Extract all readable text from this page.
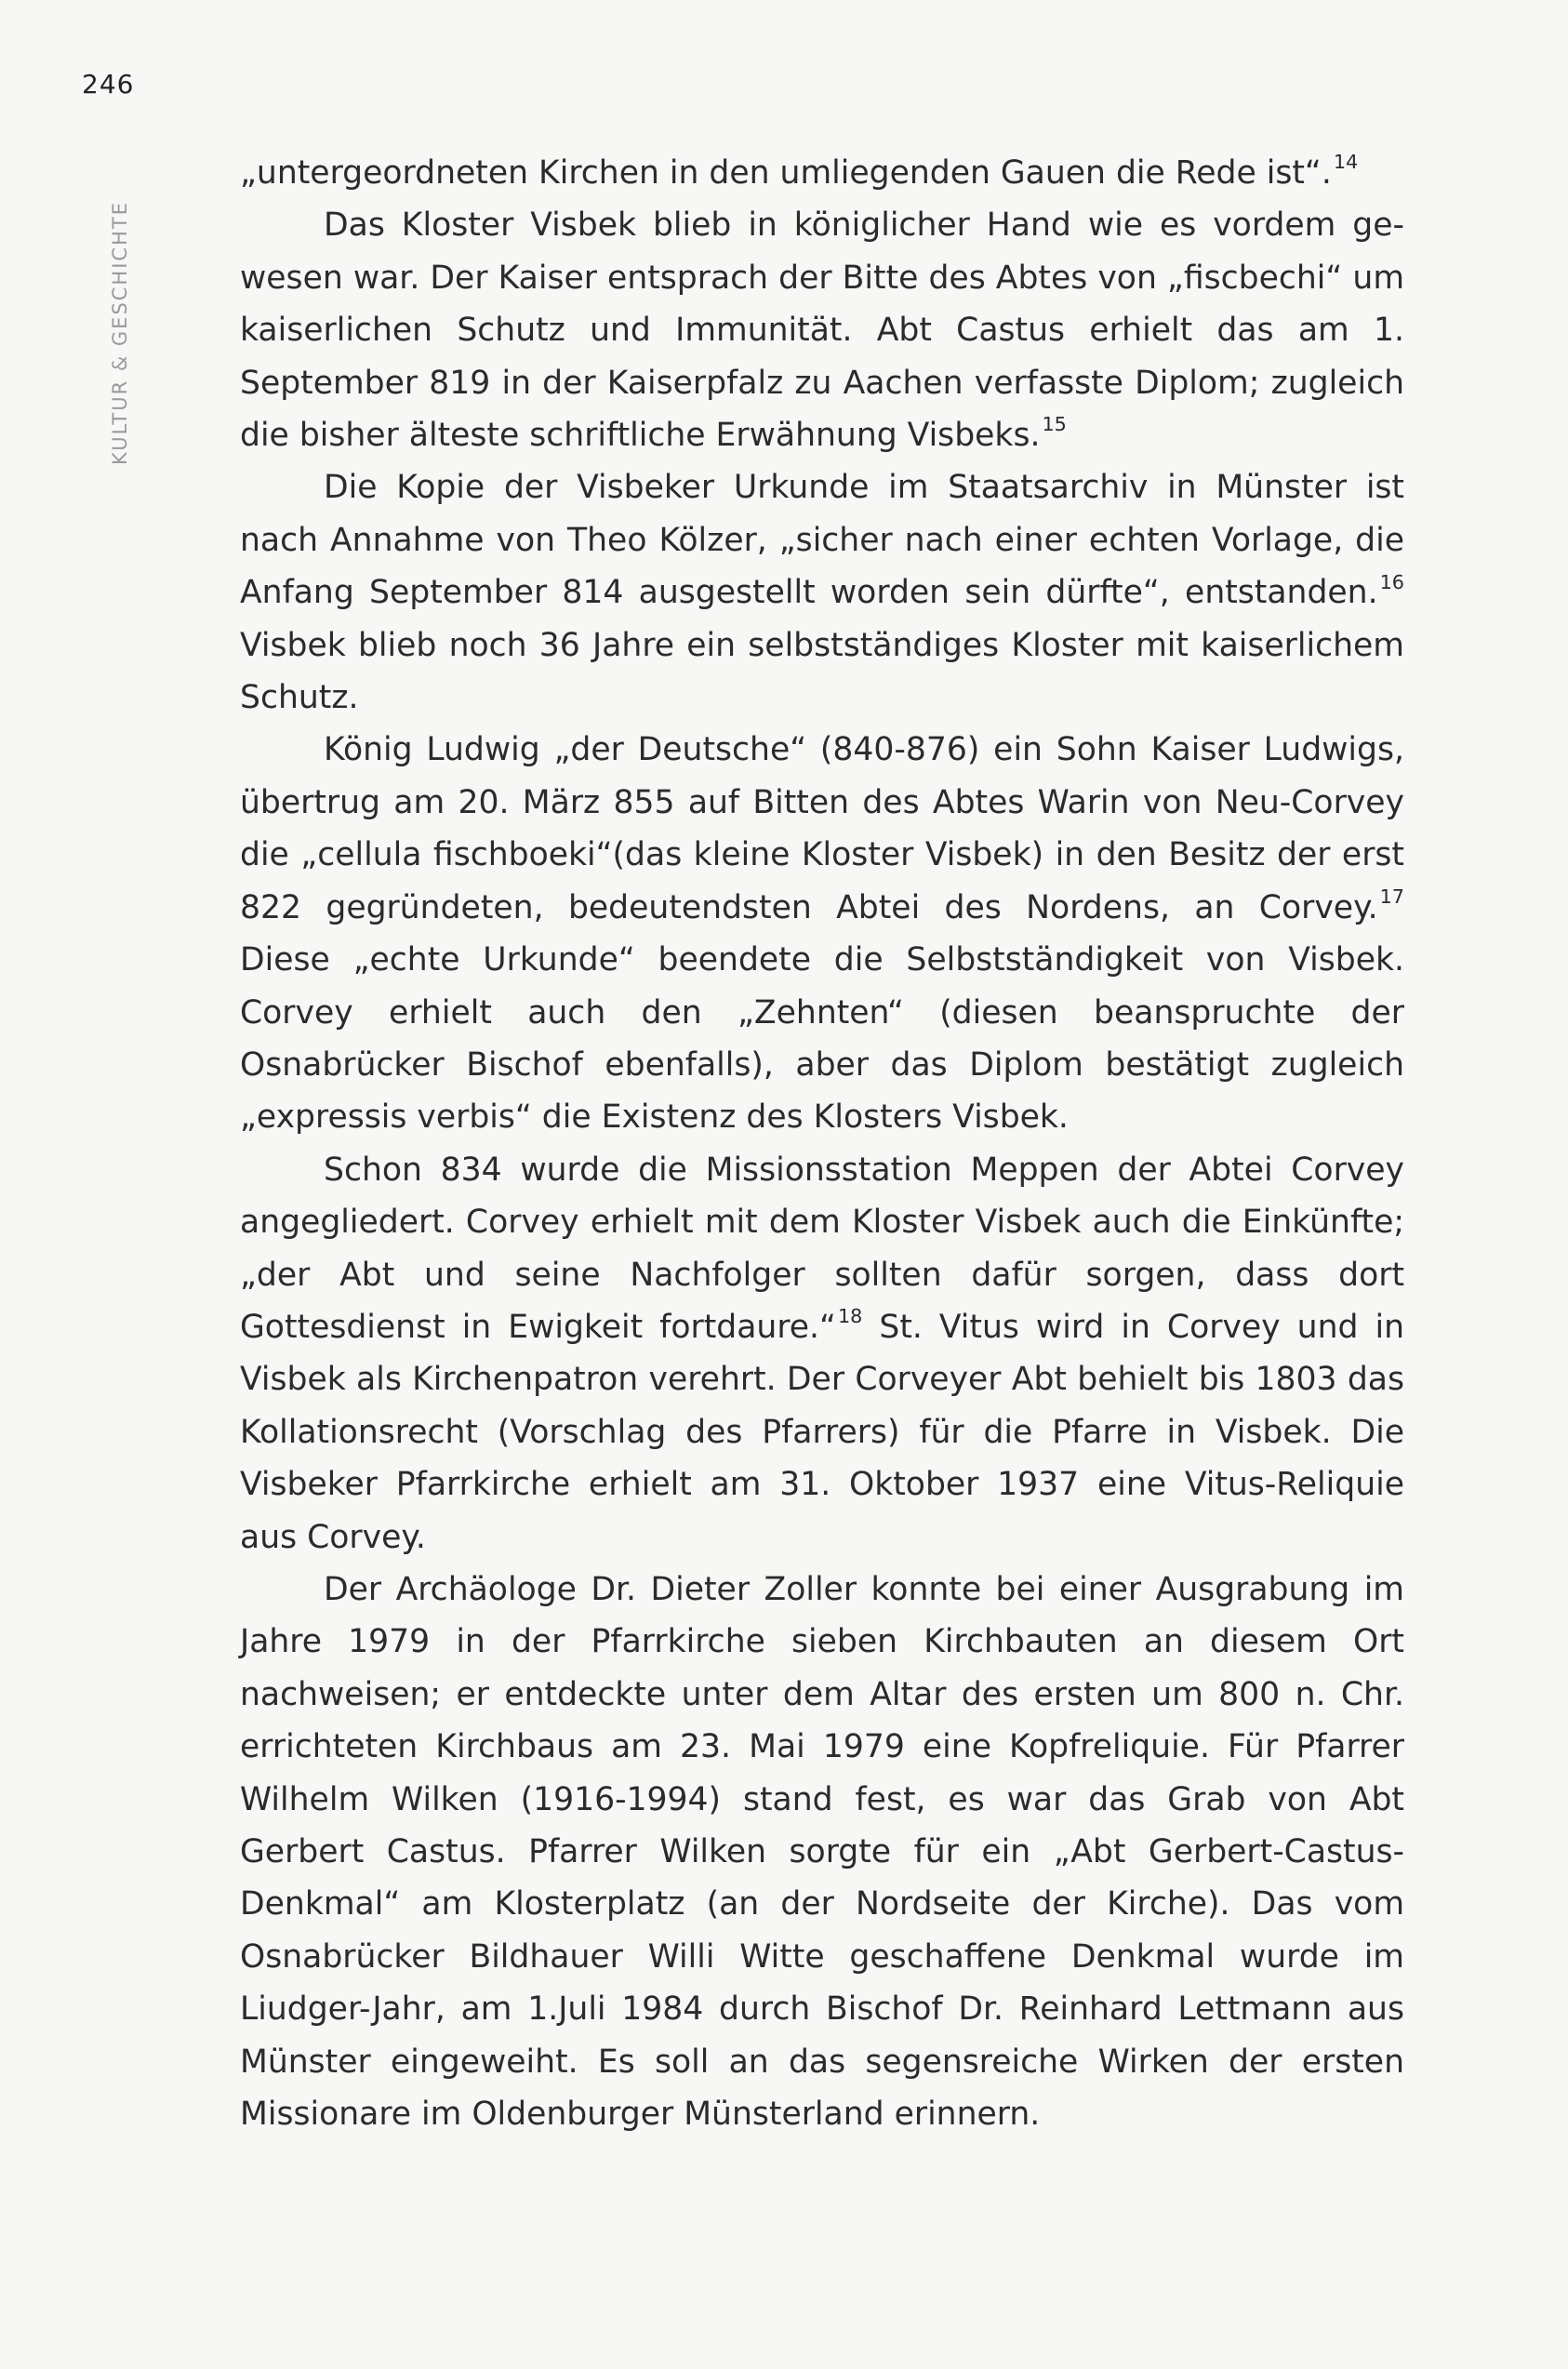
246
KULTUR & GESCHICHTE

„untergeordneten Kirchen in den umliegenden Gauen die Rede ist“.$^{14}$

Das Kloster Visbek blieb in königlicher Hand wie es vordem gewesen war. Der Kaiser entsprach der Bitte des Abtes von „fiscbechi“ um kaiserlichen Schutz und Immunität. Abt Castus erhielt das am 1. September 819 in der Kaiserpfalz zu Aachen verfasste Diplom; zugleich die bisher älteste schriftliche Erwähnung Visbeks.$^{15}$

Die Kopie der Visbeker Urkunde im Staatsarchiv in Münster ist nach Annahme von Theo Kölzer, „sicher nach einer echten Vorlage, die Anfang September 814 ausgestellt worden sein dürfte“, entstanden.$^{16}$ Visbek blieb noch 36 Jahre ein selbstständiges Kloster mit kaiserlichem Schutz.

König Ludwig „der Deutsche“ (840-876) ein Sohn Kaiser Ludwigs, übertrug am 20. März 855 auf Bitten des Abtes Warin von Neu-Corvey die „cellula fischboeki“(das kleine Kloster Visbek) in den Besitz der erst 822 gegründeten, bedeutendsten Abtei des Nordens, an Corvey.$^{17}$ Diese „echte Urkunde“ beendete die Selbstständigkeit von Visbek. Corvey erhielt auch den „Zehnten“ (diesen beanspruchte der Osnabrücker Bischof ebenfalls), aber das Diplom bestätigt zugleich „expressis verbis“ die Existenz des Klosters Visbek.

Schon 834 wurde die Missionsstation Meppen der Abtei Corvey angegliedert. Corvey erhielt mit dem Kloster Visbek auch die Einkünfte; „der Abt und seine Nachfolger sollten dafür sorgen, dass dort Gottesdienst in Ewigkeit fortdaure.“$^{18}$ St. Vitus wird in Corvey und in Visbek als Kirchenpatron verehrt. Der Corveyer Abt behielt bis 1803 das Kollationsrecht (Vorschlag des Pfarrers) für die Pfarre in Visbek. Die Visbeker Pfarrkirche erhielt am 31. Oktober 1937 eine Vitus-Reliquie aus Corvey.

Der Archäologe Dr. Dieter Zoller konnte bei einer Ausgrabung im Jahre 1979 in der Pfarrkirche sieben Kirchbauten an diesem Ort nachweisen; er entdeckte unter dem Altar des ersten um 800 n. Chr. errichteten Kirchbaus am 23. Mai 1979 eine Kopfreliquie. Für Pfarrer Wilhelm Wilken (1916-1994) stand fest, es war das Grab von Abt Gerbert Castus. Pfarrer Wilken sorgte für ein „Abt Gerbert-Castus-Denkmal“ am Klosterplatz (an der Nordseite der Kirche). Das vom Osnabrücker Bildhauer Willi Witte geschaffene Denkmal wurde im Liudger-Jahr, am 1.Juli 1984 durch Bischof Dr. Reinhard Lettmann aus Münster eingeweiht. Es soll an das segensreiche Wirken der ersten Missionare im Oldenburger Münsterland erinnern.
